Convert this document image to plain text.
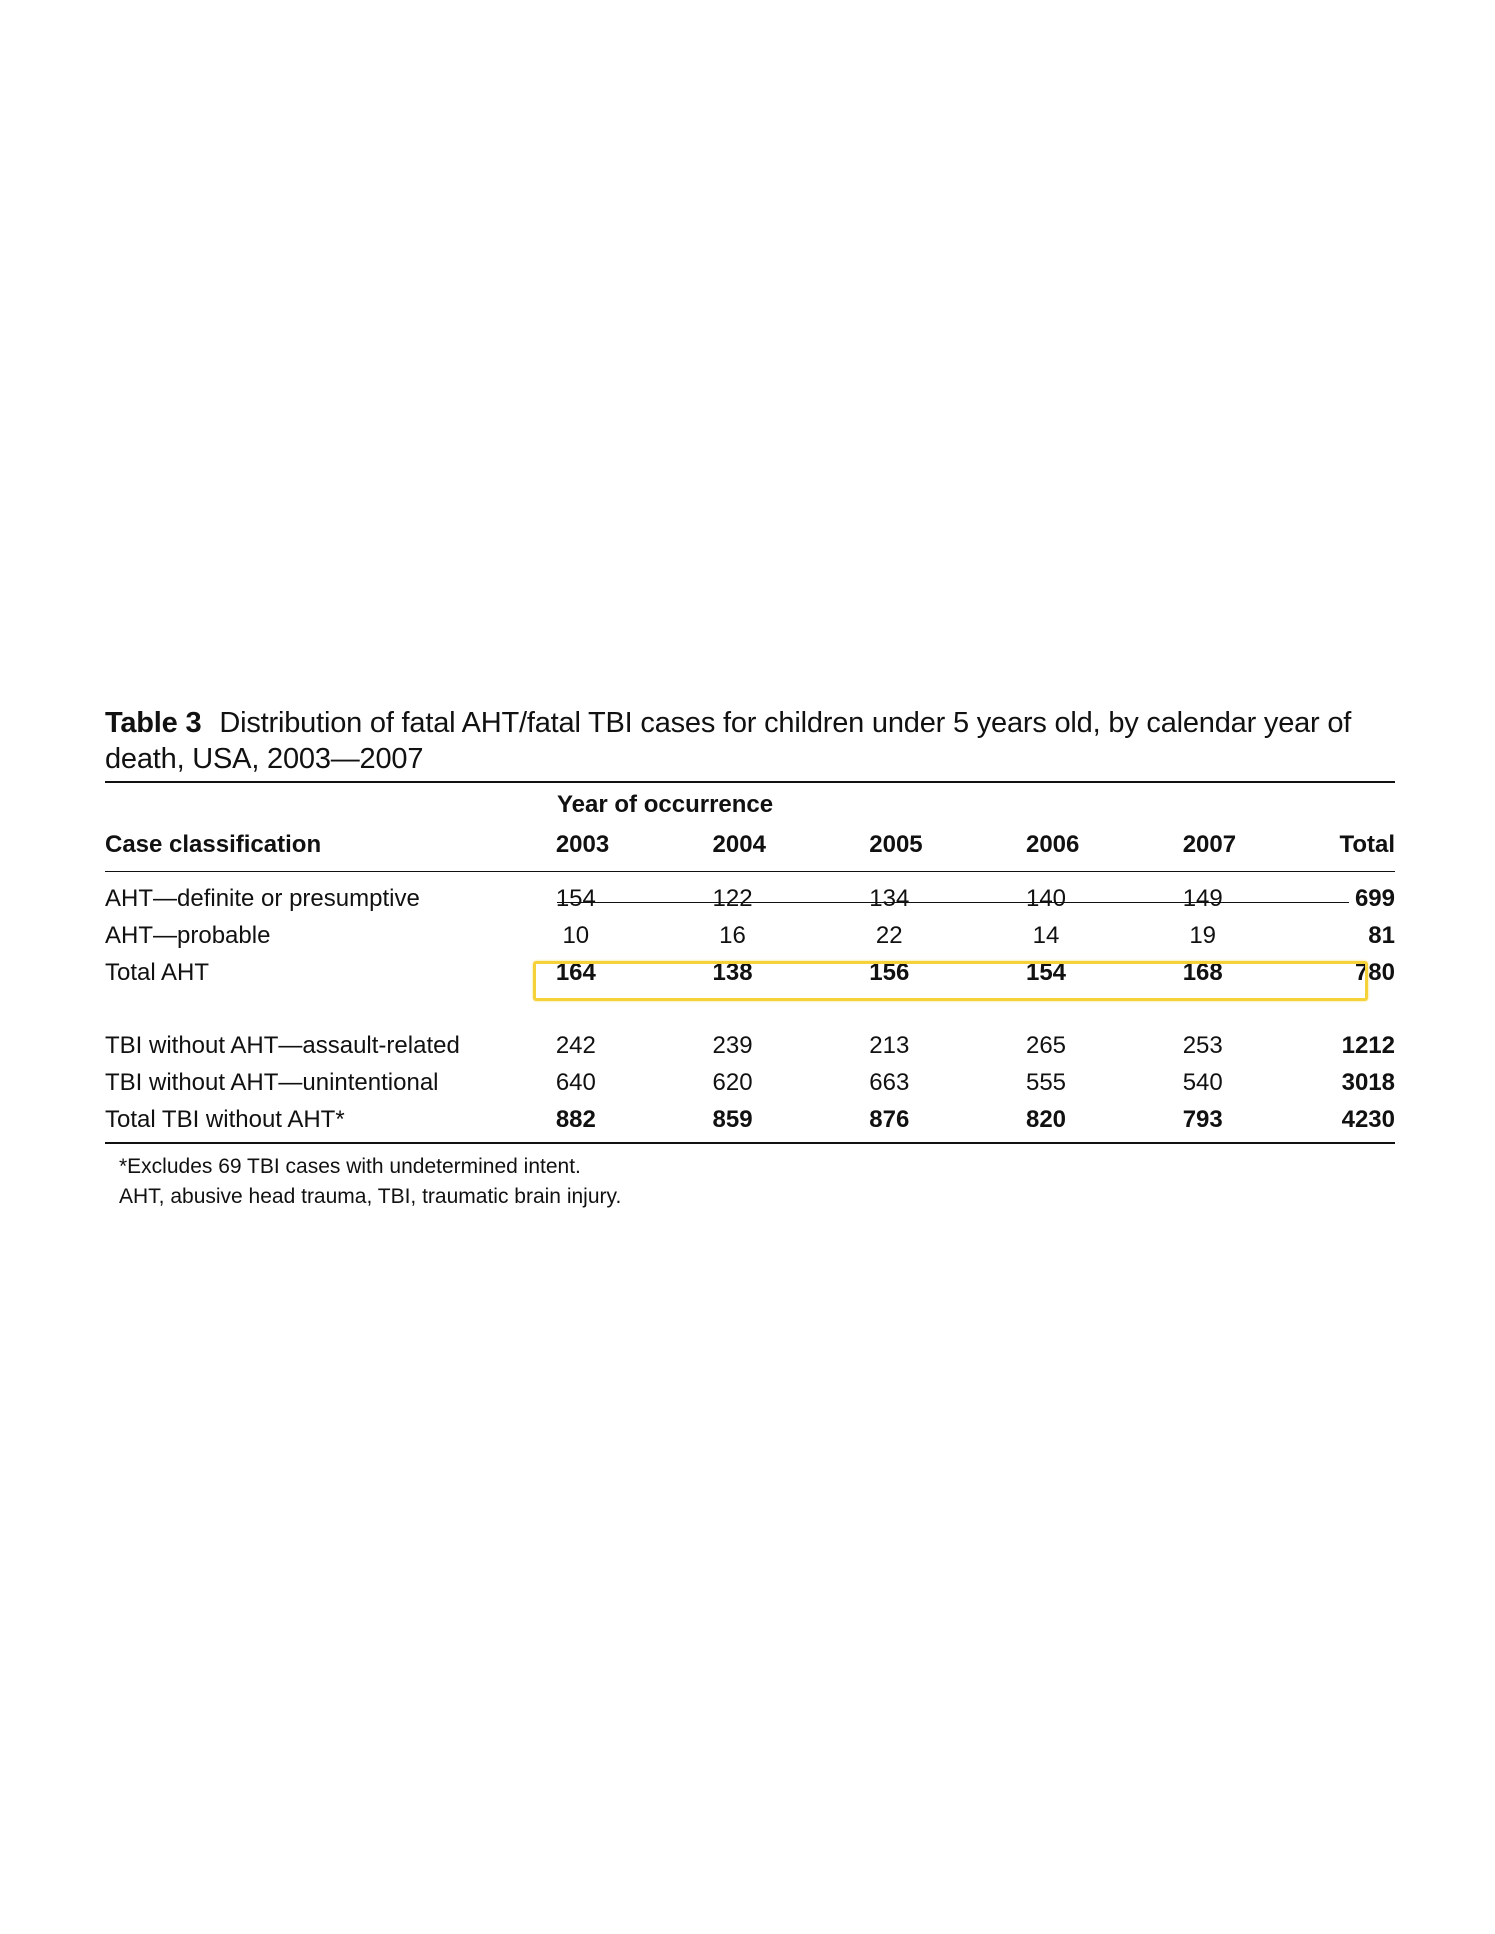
Table 3 Distribution of fatal AHT/fatal TBI cases for children under 5 years old, by calendar year of death, USA, 2003—2007
Year of occurrence						
Case classification	2003	2004	2005	2006	2007	Total

AHT—definite or presumptive	154	122	134	140	149	699
AHT—probable	10	16	22	14	19	81
Total AHT	164	138	156	154	168	780

TBI without AHT—assault-related	242	239	213	265	253	1212
TBI without AHT—unintentional	640	620	663	555	540	3018
Total TBI without AHT*	882	859	876	820	793	4230
*Excludes 69 TBI cases with undetermined intent.
AHT, abusive head trauma, TBI, traumatic brain injury.
